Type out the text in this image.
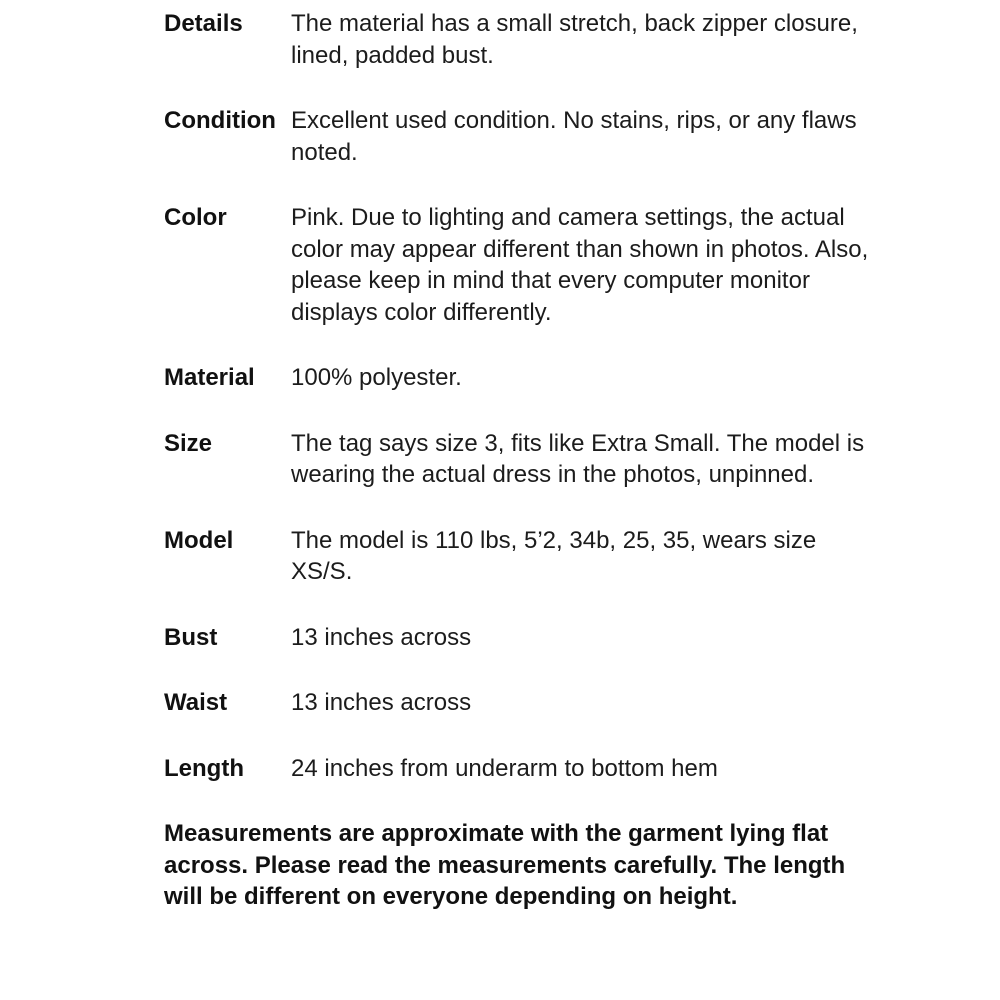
Details	The material has a small stretch, back zipper closure, lined, padded bust.
Condition Excellent used condition. No stains, rips, or any flaws noted.
Color	Pink. Due to lighting and camera settings, the actual color may appear different than shown in photos. Also, please keep in mind that every computer monitor displays color differently.
Material	100% polyester.
Size	The tag says size 3, fits like Extra Small. The model is wearing the actual dress in the photos, unpinned.
Model	The model is 110 lbs, 5’2, 34b, 25, 35, wears size XS/S.
Bust	13 inches across
Waist	13 inches across
Length	24 inches from underarm to bottom hem
Measurements are approximate with the garment lying flat across. Please read the measurements carefully. The length will be different on everyone depending on height.
